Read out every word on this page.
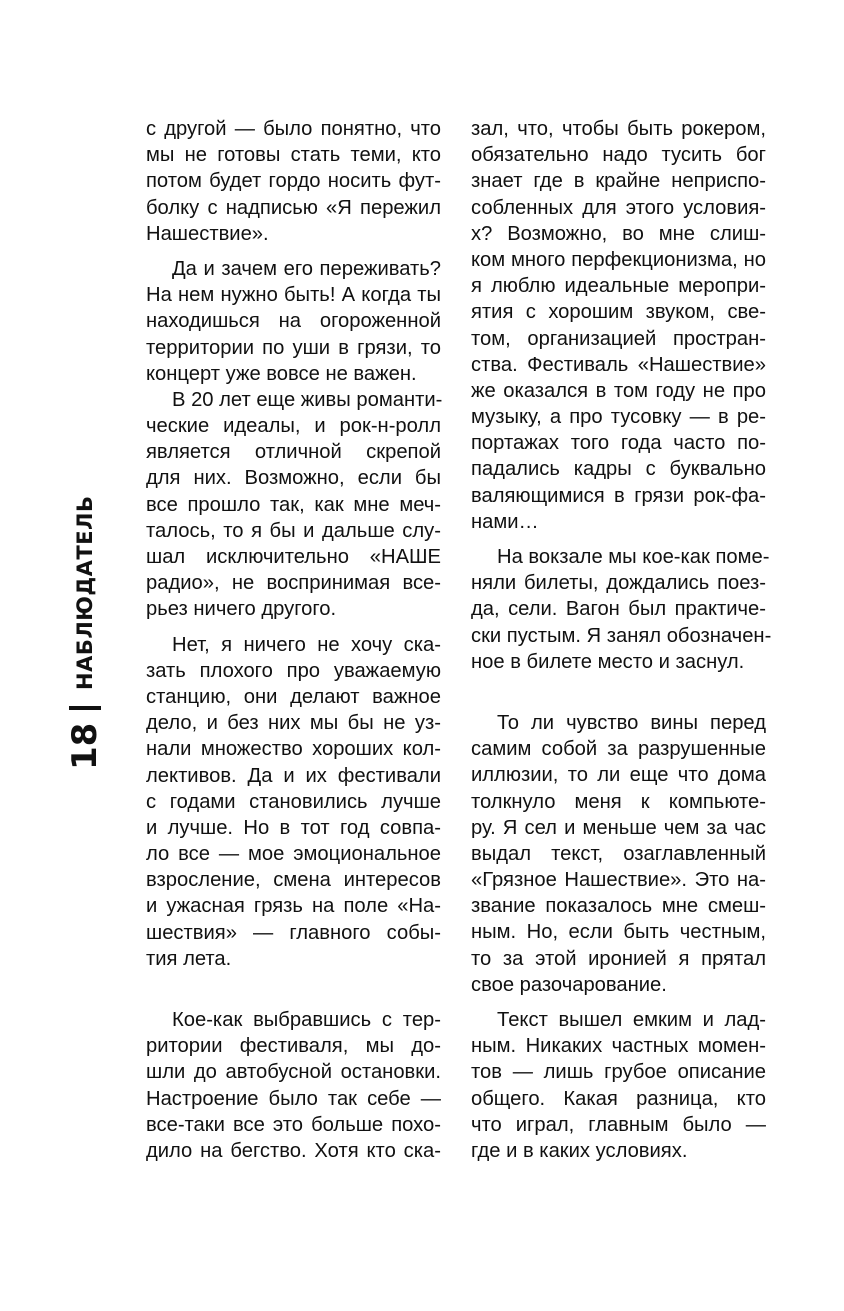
НАБЛЮДАТЕЛЬ
18
с другой — было понятно, что
мы не готовы стать теми, кто
потом будет гордо носить фут-
болку с надписью «Я пережил
Нашествие».
Да и зачем его переживать?
На нем нужно быть! А когда ты
находишься на огороженной
территории по уши в грязи, то
концерт уже вовсе не важен.
В 20 лет еще живы романти-
ческие идеалы, и рок-н-ролл
является отличной скрепой
для них. Возможно, если бы
все прошло так, как мне меч-
талось, то я бы и дальше слу-
шал исключительно «НАШЕ
радио», не воспринимая все-
рьез ничего другого.
Нет, я ничего не хочу ска-
зать плохого про уважаемую
станцию, они делают важное
дело, и без них мы бы не уз-
нали множество хороших кол-
лективов. Да и их фестивали
с годами становились лучше
и лучше. Но в тот год совпа-
ло все — мое эмоциональное
взросление, смена интересов
и ужасная грязь на поле «На-
шествия» — главного собы-
тия лета.
Кое-как выбравшись с тер-
ритории фестиваля, мы до-
шли до автобусной остановки.
Настроение было так себе —
все-таки все это больше похо-
дило на бегство. Хотя кто ска-
зал, что, чтобы быть рокером,
обязательно надо тусить бог
знает где в крайне неприспо-
собленных для этого условия-
х? Возможно, во мне слиш-
ком много перфекционизма, но
я люблю идеальные меропри-
ятия с хорошим звуком, све-
том, организацией простран-
ства. Фестиваль «Нашествие»
же оказался в том году не про
музыку, а про тусовку — в ре-
портажах того года часто по-
падались кадры с буквально
валяющимися в грязи рок-фа-
нами…
На вокзале мы кое-как поме-
няли билеты, дождались поез-
да, сели. Вагон был практиче-
ски пустым. Я занял обозначен-
ное в билете место и заснул.
То ли чувство вины перед
самим собой за разрушенные
иллюзии, то ли еще что дома
толкнуло меня к компьюте-
ру. Я сел и меньше чем за час
выдал текст, озаглавленный
«Грязное Нашествие». Это на-
звание показалось мне смеш-
ным. Но, если быть честным,
то за этой иронией я прятал
свое разочарование.
Текст вышел емким и лад-
ным. Никаких частных момен-
тов — лишь грубое описание
общего. Какая разница, кто
что играл, главным было —
где и в каких условиях.
